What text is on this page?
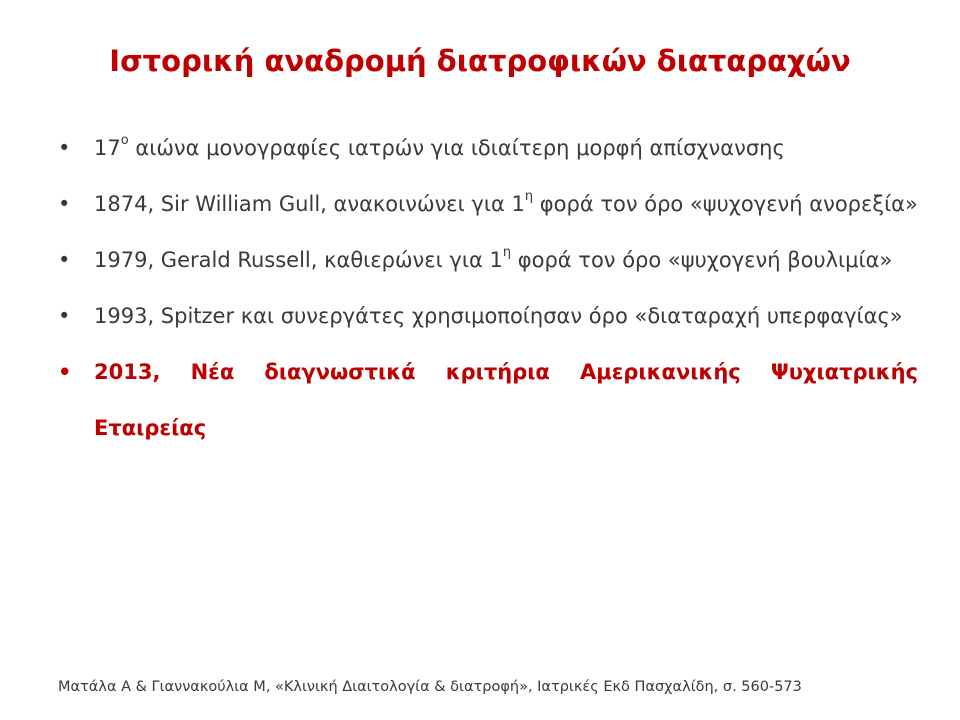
Ιστορική αναδρομή διατροφικών διαταραχών
• $17^o$ αιώνα μονογραφίες ιατρών για ιδιαίτερη μορφή απίσχνανσης
• 1874, Sir William Gull, ανακοινώνει για $1^\eta$ φορά τον όρο «ψυχογενή ανορεξία»
• 1979, Gerald Russell, καθιερώνει για $1^\eta$ φορά τον όρο «ψυχογενή βουλιμία»
• 1993, Spitzer και συνεργάτες χρησιμοποίησαν όρο «διαταραχή υπερφαγίας»
• 2013, Νέα διαγνωστικά κριτήρια Αμερικανικής Ψυχιατρικής Εταιρείας
Ματάλα Α & Γιαννακούλια Μ, «Κλινική Διαιτολογία & διατροφή», Ιατρικές Εκδ Πασχαλίδη, σ. 560-573
